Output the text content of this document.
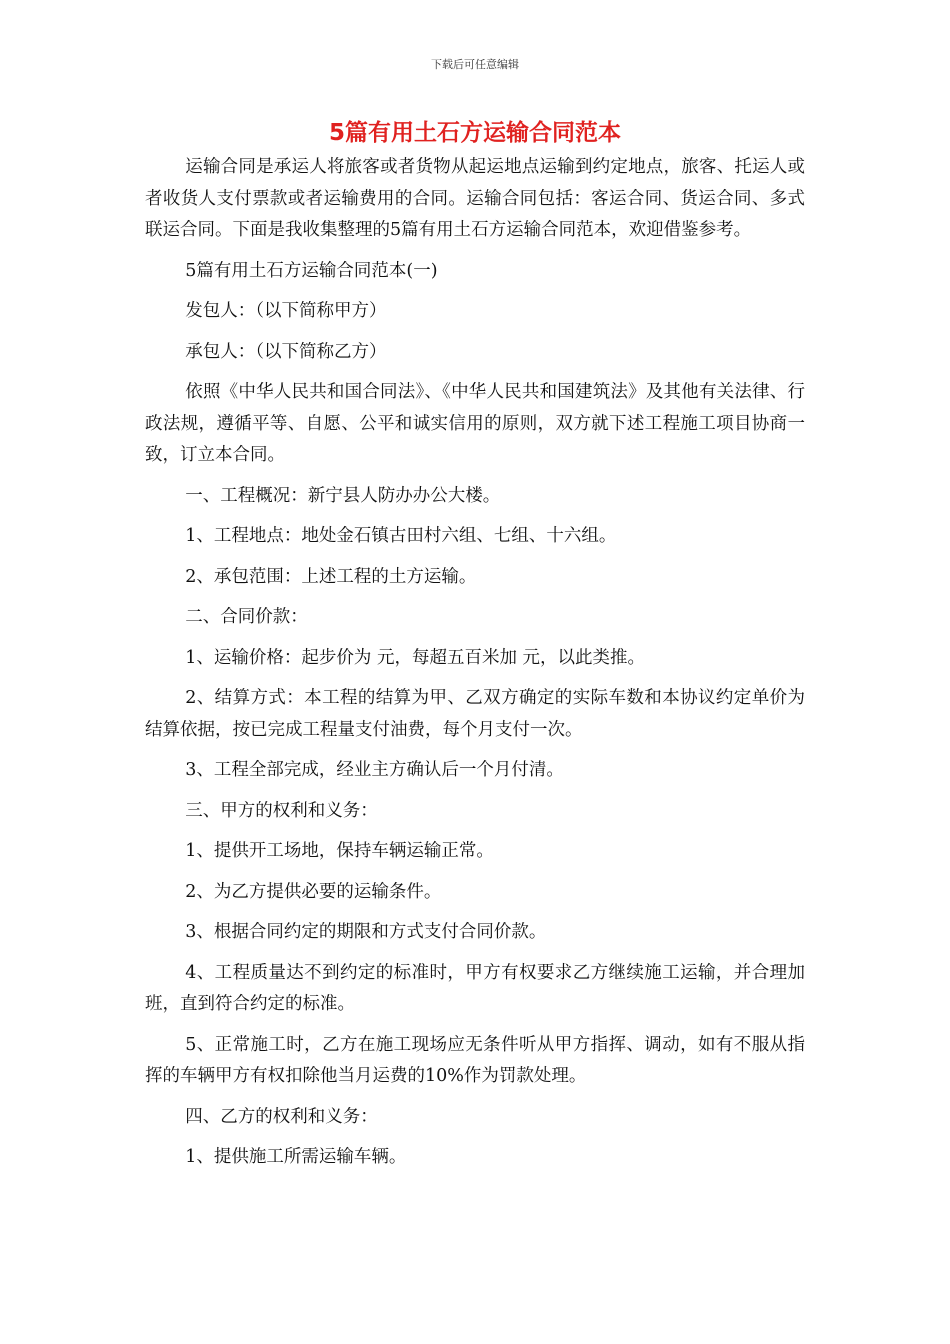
下载后可任意编辑
5篇有用土石方运输合同范本

运输合同是承运人将旅客或者货物从起运地点运输到约定地点，旅客、托运人或者收货人支付票款或者运输费用的合同。运输合同包括：客运合同、货运合同、多式联运合同。下面是我收集整理的5篇有用土石方运输合同范本，欢迎借鉴参考。

5篇有用土石方运输合同范本(一)

发包人：（以下简称甲方）

承包人：（以下简称乙方）

依照《中华人民共和国合同法》、《中华人民共和国建筑法》及其他有关法律、行政法规，遵循平等、自愿、公平和诚实信用的原则，双方就下述工程施工项目协商一致，订立本合同。

一、工程概况：新宁县人防办办公大楼。

1、工程地点：地处金石镇古田村六组、七组、十六组。

2、承包范围：上述工程的土方运输。

二、合同价款：

1、运输价格：起步价为 元，每超五百米加 元，以此类推。

2、结算方式：本工程的结算为甲、乙双方确定的实际车数和本协议约定单价为结算依据，按已完成工程量支付油费，每个月支付一次。

3、工程全部完成，经业主方确认后一个月付清。

三、甲方的权利和义务：

1、提供开工场地，保持车辆运输正常。

2、为乙方提供必要的运输条件。

3、根据合同约定的期限和方式支付合同价款。

4、工程质量达不到约定的标准时，甲方有权要求乙方继续施工运输，并合理加班，直到符合约定的标准。

5、正常施工时，乙方在施工现场应无条件听从甲方指挥、调动，如有不服从指挥的车辆甲方有权扣除他当月运费的10%作为罚款处理。

四、乙方的权利和义务：

1、提供施工所需运输车辆。
